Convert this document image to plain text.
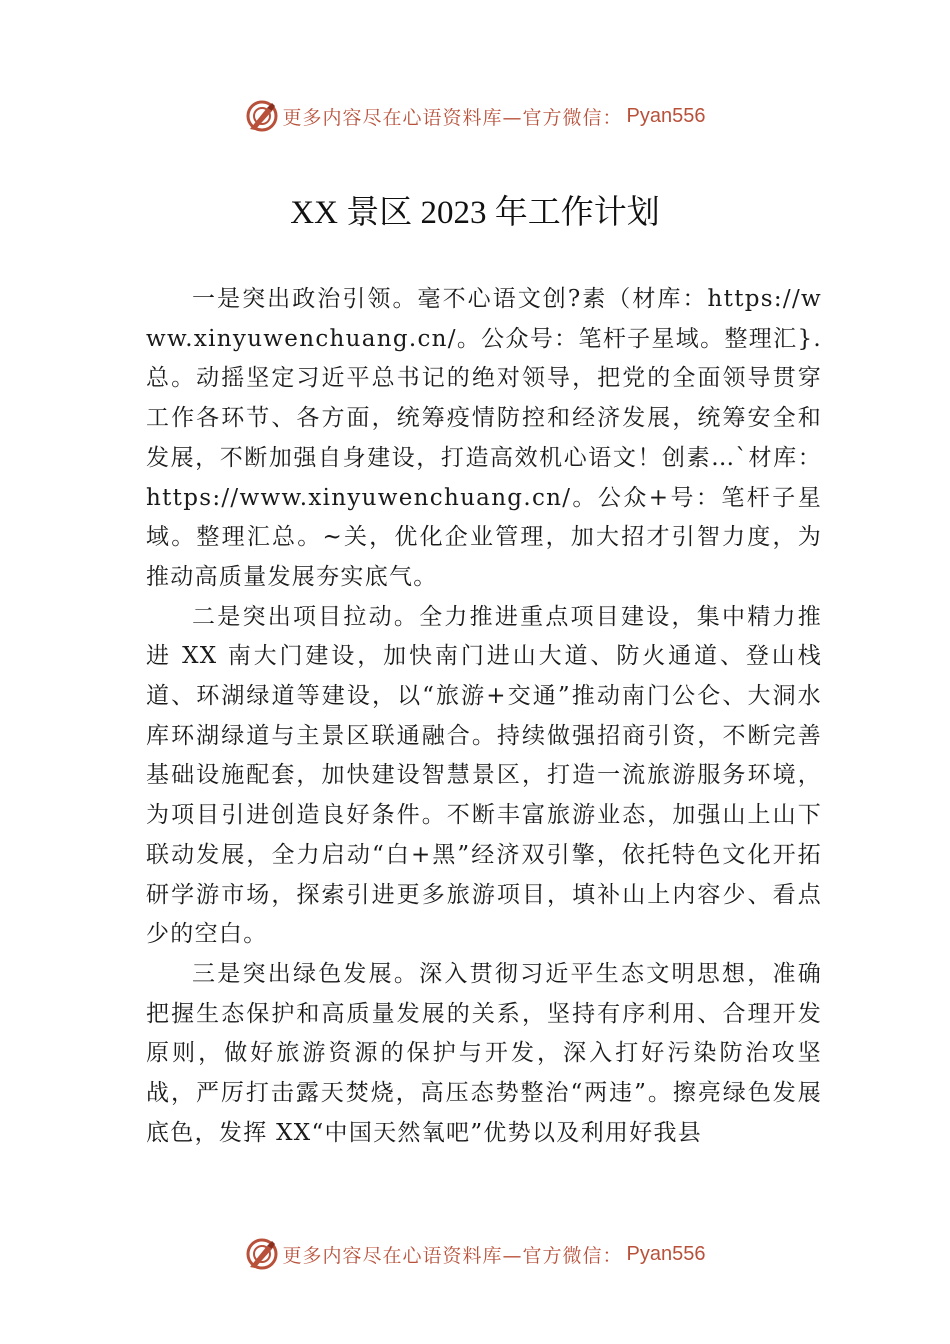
更多内容尽在心语资料库—官方微信： Pyan556
XX 景区 2023 年工作计划

一是突出政治引领。毫不心语文创?素（材库：https://www.xinyuwenchuang.cn/。公众号：笔杆子星域。整理汇}.总。动摇坚定习近平总书记的绝对领导，把党的全面领导贯穿工作各环节、各方面，统筹疫情防控和经济发展，统筹安全和发展，不断加强自身建设，打造高效机心语文！创素…`材库：https://www.xinyuwenchuang.cn/。公众+号：笔杆子星域。整理汇总。~关，优化企业管理，加大招才引智力度，为推动高质量发展夯实底气。

二是突出项目拉动。全力推进重点项目建设，集中精力推进 XX 南大门建设，加快南门进山大道、防火通道、登山栈道、环湖绿道等建设，以“旅游+交通”推动南门公仑、大洞水库环湖绿道与主景区联通融合。持续做强招商引资，不断完善基础设施配套，加快建设智慧景区，打造一流旅游服务环境，为项目引进创造良好条件。不断丰富旅游业态，加强山上山下联动发展，全力启动“白+黑”经济双引擎，依托特色文化开拓研学游市场，探索引进更多旅游项目，填补山上内容少、看点少的空白。

三是突出绿色发展。深入贯彻习近平生态文明思想，准确把握生态保护和高质量发展的关系，坚持有序利用、合理开发原则，做好旅游资源的保护与开发，深入打好污染防治攻坚战，严厉打击露天焚烧，高压态势整治“两违”。擦亮绿色发展底色，发挥 XX“中国天然氧吧”优势以及利用好我县

更多内容尽在心语资料库—官方微信： Pyan556
